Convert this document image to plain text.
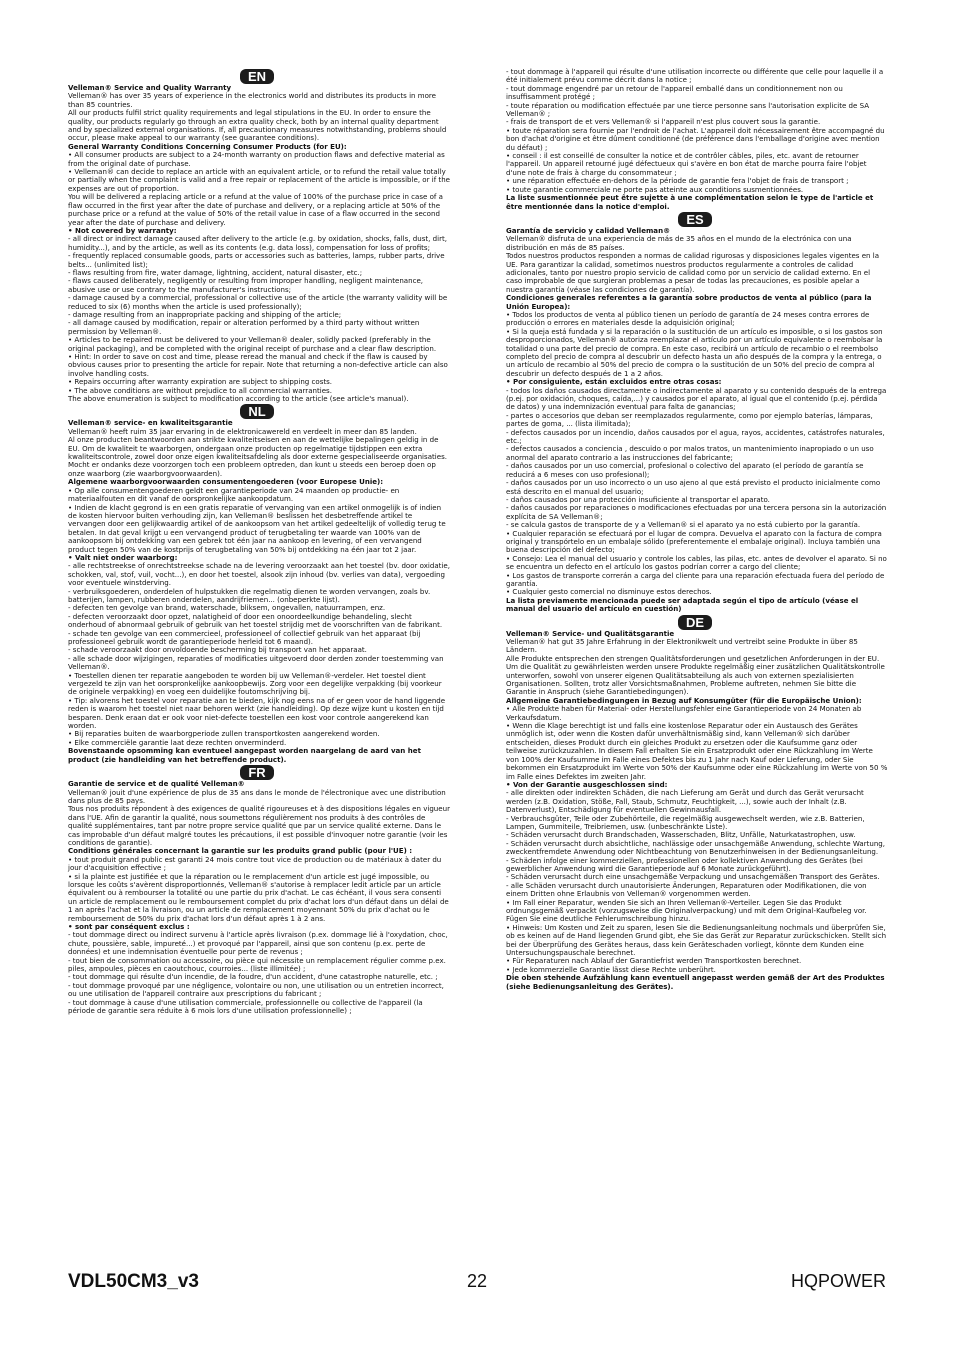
EN

Velleman® Service and Quality Warranty

Velleman® has over 35 years of experience in the electronics world and distributes its products in more than 85 countries.

All our products fulfil strict quality requirements and legal stipulations in the EU. In order to ensure the quality, our products regularly go through an extra quality check, both by an internal quality department and by specialized external organisations. If, all precautionary measures notwithstanding, problems should occur, please make appeal to our warranty (see guarantee conditions).

General Warranty Conditions Concerning Consumer Products (for EU):

• All consumer products are subject to a 24-month warranty on production flaws and defective material as from the original date of purchase.

• Velleman® can decide to replace an article with an equivalent article, or to refund the retail value totally or partially when the complaint is valid and a free repair or replacement of the article is impossible, or if the expenses are out of proportion.

You will be delivered a replacing article or a refund at the value of 100% of the purchase price in case of a flaw occurred in the first year after the date of purchase and delivery, or a replacing article at 50% of the purchase price or a refund at the value of 50% of the retail value in case of a flaw occurred in the second year after the date of purchase and delivery.

• Not covered by warranty:

- all direct or indirect damage caused after delivery to the article (e.g. by oxidation, shocks, falls, dust, dirt, humidity...), and by the article, as well as its contents (e.g. data loss), compensation for loss of profits;

- frequently replaced consumable goods, parts or accessories such as batteries, lamps, rubber parts, drive belts... (unlimited list);

- flaws resulting from fire, water damage, lightning, accident, natural disaster, etc.;

- flaws caused deliberately, negligently or resulting from improper handling, negligent maintenance, abusive use or use contrary to the manufacturer's instructions;

- damage caused by a commercial, professional or collective use of the article (the warranty validity will be reduced to six (6) months when the article is used professionally);

- damage resulting from an inappropriate packing and shipping of the article;

- all damage caused by modification, repair or alteration performed by a third party without written permission by Velleman®.

• Articles to be repaired must be delivered to your Velleman® dealer, solidly packed (preferably in the original packaging), and be completed with the original receipt of purchase and a clear flaw description.

• Hint: In order to save on cost and time, please reread the manual and check if the flaw is caused by obvious causes prior to presenting the article for repair. Note that returning a non-defective article can also involve handling costs.

• Repairs occurring after warranty expiration are subject to shipping costs.

• The above conditions are without prejudice to all commercial warranties.

The above enumeration is subject to modification according to the article (see article's manual).

NL

Velleman® service- en kwaliteitsgarantie

Velleman® heeft ruim 35 jaar ervaring in de elektronicawereld en verdeelt in meer dan 85 landen.

Al onze producten beantwoorden aan strikte kwaliteitseisen en aan de wettelijke bepalingen geldig in de EU. Om de kwaliteit te waarborgen, ondergaan onze producten op regelmatige tijdstippen een extra kwaliteitscontrole, zowel door onze eigen kwaliteitsafdeling als door externe gespecialiseerde organisaties. Mocht er ondanks deze voorzorgen toch een probleem optreden, dan kunt u steeds een beroep doen op onze waarborg (zie waarborgvoorwaarden).

Algemene waarborgvoorwaarden consumentengoederen (voor Europese Unie):

• Op alle consumentengoederen geldt een garantieperiode van 24 maanden op productie- en materiaalfouten en dit vanaf de oorspronkelijke aankoopdatum.

• Indien de klacht gegrond is en een gratis reparatie of vervanging van een artikel onmogelijk is of indien de kosten hiervoor buiten verhouding zijn, kan Velleman® beslissen het desbetreffende artikel te vervangen door een gelijkwaardig artikel of de aankoopsom van het artikel gedeeltelijk of volledig terug te betalen. In dat geval krijgt u een vervangend product of terugbetaling ter waarde van 100% van de aankoopsom bij ontdekking van een gebrek tot één jaar na aankoop en levering, of een vervangend product tegen 50% van de kostprijs of terugbetaling van 50% bij ontdekking na één jaar tot 2 jaar.

• Valt niet onder waarborg:

- alle rechtstreekse of onrechtstreekse schade na de levering veroorzaakt aan het toestel (bv. door oxidatie, schokken, val, stof, vuil, vocht...), en door het toestel, alsook zijn inhoud (bv. verlies van data), vergoeding voor eventuele winstderving.

- verbruiksgoederen, onderdelen of hulpstukken die regelmatig dienen te worden vervangen, zoals bv. batterijen, lampen, rubberen onderdelen, aandrijfriemen... (onbeperkte lijst).

- defecten ten gevolge van brand, waterschade, bliksem, ongevallen, natuurrampen, enz.

- defecten veroorzaakt door opzet, nalatigheid of door een onoordeelkundige behandeling, slecht onderhoud of abnormaal gebruik of gebruik van het toestel strijdig met de voorschriften van de fabrikant.

- schade ten gevolge van een commercieel, professioneel of collectief gebruik van het apparaat (bij professioneel gebruik wordt de garantieperiode herleid tot 6 maand).

- schade veroorzaakt door onvoldoende bescherming bij transport van het apparaat.

- alle schade door wijzigingen, reparaties of modificaties uitgevoerd door derden zonder toestemming van Velleman®.

• Toestellen dienen ter reparatie aangeboden te worden bij uw Velleman®-verdeler. Het toestel dient vergezeld te zijn van het oorspronkelijke aankoopbewijs. Zorg voor een degelijke verpakking (bij voorkeur de originele verpakking) en voeg een duidelijke foutomschrijving bij.

• Tip: alvorens het toestel voor reparatie aan te bieden, kijk nog eens na of er geen voor de hand liggende reden is waarom het toestel niet naar behoren werkt (zie handleiding). Op deze wijze kunt u kosten en tijd besparen. Denk eraan dat er ook voor niet-defecte toestellen een kost voor controle aangerekend kan worden.

• Bij reparaties buiten de waarborgperiode zullen transportkosten aangerekend worden.

• Elke commerciële garantie laat deze rechten onverminderd.

Bovenstaande opsomming kan eventueel aangepast worden naargelang de aard van het product (zie handleiding van het betreffende product).

FR

Garantie de service et de qualité Velleman®

Velleman® jouit d'une expérience de plus de 35 ans dans le monde de l'électronique avec une distribution dans plus de 85 pays.

Tous nos produits répondent à des exigences de qualité rigoureuses et à des dispositions légales en vigueur dans l'UE. Afin de garantir la qualité, nous soumettons régulièrement nos produits à des contrôles de qualité supplémentaires, tant par notre propre service qualité que par un service qualité externe. Dans le cas improbable d'un défaut malgré toutes les précautions, il est possible d'invoquer notre garantie (voir les conditions de garantie).

Conditions générales concernant la garantie sur les produits grand public (pour l'UE) :

• tout produit grand public est garanti 24 mois contre tout vice de production ou de matériaux à dater du jour d'acquisition effective ;

• si la plainte est justifiée et que la réparation ou le remplacement d'un article est jugé impossible, ou lorsque les coûts s'avèrent disproportionnés, Velleman® s'autorise à remplacer ledit article par un article équivalent ou à rembourser la totalité ou une partie du prix d'achat. Le cas échéant, il vous sera consenti un article de remplacement ou le remboursement complet du prix d'achat lors d'un défaut dans un délai de 1 an après l'achat et la livraison, ou un article de remplacement moyennant 50% du prix d'achat ou le remboursement de 50% du prix d'achat lors d'un défaut après 1 à 2 ans.

• sont par conséquent exclus :

- tout dommage direct ou indirect survenu à l'article après livraison (p.ex. dommage lié à l'oxydation, choc, chute, poussière, sable, impureté...) et provoqué par l'appareil, ainsi que son contenu (p.ex. perte de données) et une indemnisation éventuelle pour perte de revenus ;

- tout bien de consommation ou accessoire, ou pièce qui nécessite un remplacement régulier comme p.ex. piles, ampoules, pièces en caoutchouc, courroies... (liste illimitée) ;

- tout dommage qui résulte d'un incendie, de la foudre, d'un accident, d'une catastrophe naturelle, etc. ;

- tout dommage provoqué par une négligence, volontaire ou non, une utilisation ou un entretien incorrect, ou une utilisation de l'appareil contraire aux prescriptions du fabricant ;

- tout dommage à cause d'une utilisation commerciale, professionnelle ou collective de l'appareil (la période de garantie sera réduite à 6 mois lors d'une utilisation professionnelle) ;

- tout dommage à l'appareil qui résulte d'une utilisation incorrecte ou différente que celle pour laquelle il a été initialement prévu comme décrit dans la notice ;

- tout dommage engendré par un retour de l'appareil emballé dans un conditionnement non ou insuffisamment protégé ;

- toute réparation ou modification effectuée par une tierce personne sans l'autorisation explicite de SA Velleman® ;

- frais de transport de et vers Velleman® si l'appareil n'est plus couvert sous la garantie.

• toute réparation sera fournie par l'endroit de l'achat. L'appareil doit nécessairement être accompagné du bon d'achat d'origine et être dûment conditionné (de préférence dans l'emballage d'origine avec mention du défaut) ;

• conseil : il est conseillé de consulter la notice et de contrôler câbles, piles, etc. avant de retourner l'appareil. Un appareil retourné jugé défectueux qui s'avère en bon état de marche pourra faire l'objet d'une note de frais à charge du consommateur ;

• une réparation effectuée en-dehors de la période de garantie fera l'objet de frais de transport ;

• toute garantie commerciale ne porte pas atteinte aux conditions susmentionnées.

La liste susmentionnée peut être sujette à une complémentation selon le type de l'article et être mentionnée dans la notice d'emploi.

ES

Garantía de servicio y calidad Velleman®

Velleman® disfruta de una experiencia de más de 35 años en el mundo de la electrónica con una distribución en más de 85 países.

Todos nuestros productos responden a normas de calidad rigurosas y disposiciones legales vigentes en la UE. Para garantizar la calidad, sometimos nuestros productos regularmente a controles de calidad adicionales, tanto por nuestro propio servicio de calidad como por un servicio de calidad externo. En el caso improbable de que surgieran problemas a pesar de todas las precauciones, es posible apelar a nuestra garantía (véase las condiciones de garantía).

Condiciones generales referentes a la garantía sobre productos de venta al público (para la Unión Europea):

• Todos los productos de venta al público tienen un período de garantía de 24 meses contra errores de producción o errores en materiales desde la adquisición original;

• Si la queja está fundada y si la reparación o la sustitución de un artículo es imposible, o si los gastos son desproporcionados, Velleman® autoriza reemplazar el artículo por un artículo equivalente o reembolsar la totalidad o una parte del precio de compra. En este caso, recibirá un artículo de recambio o el reembolso completo del precio de compra al descubrir un defecto hasta un año después de la compra y la entrega, o un artículo de recambio al 50% del precio de compra o la sustitución de un 50% del precio de compra al descubrir un defecto después de 1 a 2 años.

• Por consiguiente, están excluidos entre otras cosas:

- todos los daños causados directamente o indirectamente al aparato y su contenido después de la entrega (p.ej. por oxidación, choques, caída,...) y causados por el aparato, al igual que el contenido (p.ej. pérdida de datos) y una indemnización eventual para falta de ganancias;

- partes o accesorios que deban ser reemplazados regularmente, como por ejemplo baterías, lámparas, partes de goma, ... (lista ilimitada);

- defectos causados por un incendio, daños causados por el agua, rayos, accidentes, catástrofes naturales, etc.;

- defectos causados a conciencia , descuido o por malos tratos, un mantenimiento inapropiado o un uso anormal del aparato contrario a las instrucciones del fabricante;

- daños causados por un uso comercial, profesional o colectivo del aparato (el período de garantía se reducirá a 6 meses con uso profesional);

- daños causados por un uso incorrecto o un uso ajeno al que está previsto el producto inicialmente como está descrito en el manual del usuario;

- daños causados por una protección insuficiente al transportar el aparato.

- daños causados por reparaciones o modificaciones efectuadas por una tercera persona sin la autorización explícita de SA Velleman®;

- se calcula gastos de transporte de y a Velleman® si el aparato ya no está cubierto por la garantía.

• Cualquier reparación se efectuará por el lugar de compra. Devuelva el aparato con la factura de compra original y transpórtelo en un embalaje sólido (preferentemente el embalaje original). Incluya también una buena descripción del defecto;

• Consejo: Lea el manual del usuario y controle los cables, las pilas, etc. antes de devolver el aparato. Si no se encuentra un defecto en el artículo los gastos podrían correr a cargo del cliente;

• Los gastos de transporte correrán a carga del cliente para una reparación efectuada fuera del período de garantía.

• Cualquier gesto comercial no disminuye estos derechos.

La lista previamente mencionada puede ser adaptada según el tipo de artículo (véase el manual del usuario del artículo en cuestión)

DE

Velleman® Service- und Qualitätsgarantie

Velleman® hat gut 35 Jahre Erfahrung in der Elektronikwelt und vertreibt seine Produkte in über 85 Ländern.

Alle Produkte entsprechen den strengen Qualitätsforderungen und gesetzlichen Anforderungen in der EU. Um die Qualität zu gewährleisten werden unsere Produkte regelmäßig einer zusätzlichen Qualitätskontrolle unterworfen, sowohl von unserer eigenen Qualitätsabteilung als auch von externen spezialisierten Organisationen. Sollten, trotz aller Vorsichtsmaßnahmen, Probleme auftreten, nehmen Sie bitte die Garantie in Anspruch (siehe Garantiebedingungen).

Allgemeine Garantiebedingungen in Bezug auf Konsumgüter (für die Europäische Union):

• Alle Produkte haben für Material- oder Herstellungsfehler eine Garantieperiode von 24 Monaten ab Verkaufsdatum.

• Wenn die Klage berechtigt ist und falls eine kostenlose Reparatur oder ein Austausch des Gerätes unmöglich ist, oder wenn die Kosten dafür unverhältnismäßig sind, kann Velleman® sich darüber entscheiden, dieses Produkt durch ein gleiches Produkt zu ersetzen oder die Kaufsumme ganz oder teilweise zurückzuzahlen. In diesem Fall erhalten Sie ein Ersatzprodukt oder eine Rückzahlung im Werte von 100% der Kaufsumme im Falle eines Defektes bis zu 1 Jahr nach Kauf oder Lieferung, oder Sie bekommen ein Ersatzprodukt im Werte von 50% der Kaufsumme oder eine Rückzahlung im Werte von 50 % im Falle eines Defektes im zweiten Jahr.

• Von der Garantie ausgeschlossen sind:

- alle direkten oder indirekten Schäden, die nach Lieferung am Gerät und durch das Gerät verursacht werden (z.B. Oxidation, Stöße, Fall, Staub, Schmutz, Feuchtigkeit, ...), sowie auch der Inhalt (z.B. Datenverlust), Entschädigung für eventuellen Gewinnausfall.

- Verbrauchsgüter, Teile oder Zubehörteile, die regelmäßig ausgewechselt werden, wie z.B. Batterien, Lampen, Gummiteile, Treibriemen, usw. (unbeschränkte Liste).

- Schäden verursacht durch Brandschaden, Wasserschaden, Blitz, Unfälle, Naturkatastrophen, usw.

- Schäden verursacht durch absichtliche, nachlässige oder unsachgemäße Anwendung, schlechte Wartung, zweckentfremdete Anwendung oder Nichtbeachtung von Benutzerhinweisen in der Bedienungsanleitung.

- Schäden infolge einer kommerziellen, professionellen oder kollektiven Anwendung des Gerätes (bei gewerblicher Anwendung wird die Garantieperiode auf 6 Monate zurückgeführt).

- Schäden verursacht durch eine unsachgemäße Verpackung und unsachgemäßen Transport des Gerätes.

- alle Schäden verursacht durch unautorisierte Änderungen, Reparaturen oder Modifikationen, die von einem Dritten ohne Erlaubnis von Velleman® vorgenommen werden.

• Im Fall einer Reparatur, wenden Sie sich an Ihren Velleman®-Verteiler. Legen Sie das Produkt ordnungsgemäß verpackt (vorzugsweise die Originalverpackung) und mit dem Original-Kaufbeleg vor. Fügen Sie eine deutliche Fehlerumschreibung hinzu.

• Hinweis: Um Kosten und Zeit zu sparen, lesen Sie die Bedienungsanleitung nochmals und überprüfen Sie, ob es keinen auf de Hand liegenden Grund gibt, ehe Sie das Gerät zur Reparatur zurückschicken. Stellt sich bei der Überprüfung des Gerätes heraus, dass kein Geräteschaden vorliegt, könnte dem Kunden eine Untersuchungspauschale berechnet.

• Für Reparaturen nach Ablauf der Garantiefrist werden Transportkosten berechnet.

• Jede kommerzielle Garantie lässt diese Rechte unberührt.

Die oben stehende Aufzählung kann eventuell angepasst werden gemäß der Art des Produktes (siehe Bedienungsanleitung des Gerätes).

22
VDL50CM3_v3	HQPOWER
